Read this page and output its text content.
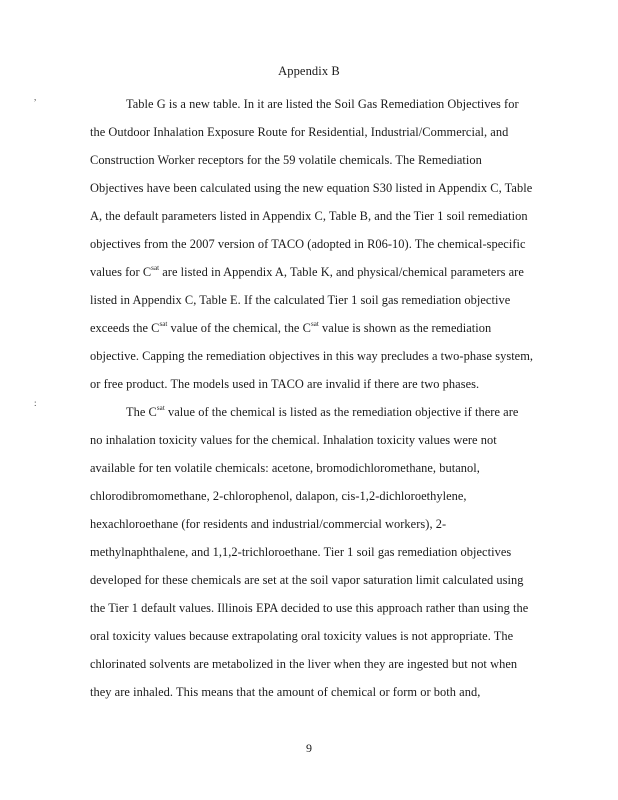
,
:
Appendix B
Table G is a new table. In it are listed the Soil Gas Remediation Objectives for
the Outdoor Inhalation Exposure Route for Residential, Industrial/Commercial, and
Construction Worker receptors for the 59 volatile chemicals. The Remediation
Objectives have been calculated using the new equation S30 listed in Appendix C, Table
A, the default parameters listed in Appendix C, Table B, and the Tier 1 soil remediation
objectives from the 2007 version of TACO (adopted in R06-10). The chemical-specific
values for $C^{sat}$ are listed in Appendix A, Table K, and physical/chemical parameters are
listed in Appendix C, Table E. If the calculated Tier 1 soil gas remediation objective
exceeds the $C^{sat}$ value of the chemical, the $C^{sat}$ value is shown as the remediation
objective. Capping the remediation objectives in this way precludes a two-phase system,
or free product. The models used in TACO are invalid if there are two phases.
The $C^{sat}$ value of the chemical is listed as the remediation objective if there are
no inhalation toxicity values for the chemical. Inhalation toxicity values were not
available for ten volatile chemicals: acetone, bromodichloromethane, butanol,
chlorodibromomethane, 2-chlorophenol, dalapon, cis-1,2-dichloroethylene,
hexachloroethane (for residents and industrial/commercial workers), 2-
methylnaphthalene, and 1,1,2-trichloroethane. Tier 1 soil gas remediation objectives
developed for these chemicals are set at the soil vapor saturation limit calculated using
the Tier 1 default values. Illinois EPA decided to use this approach rather than using the
oral toxicity values because extrapolating oral toxicity values is not appropriate. The
chlorinated solvents are metabolized in the liver when they are ingested but not when
they are inhaled. This means that the amount of chemical or form or both and,
9
